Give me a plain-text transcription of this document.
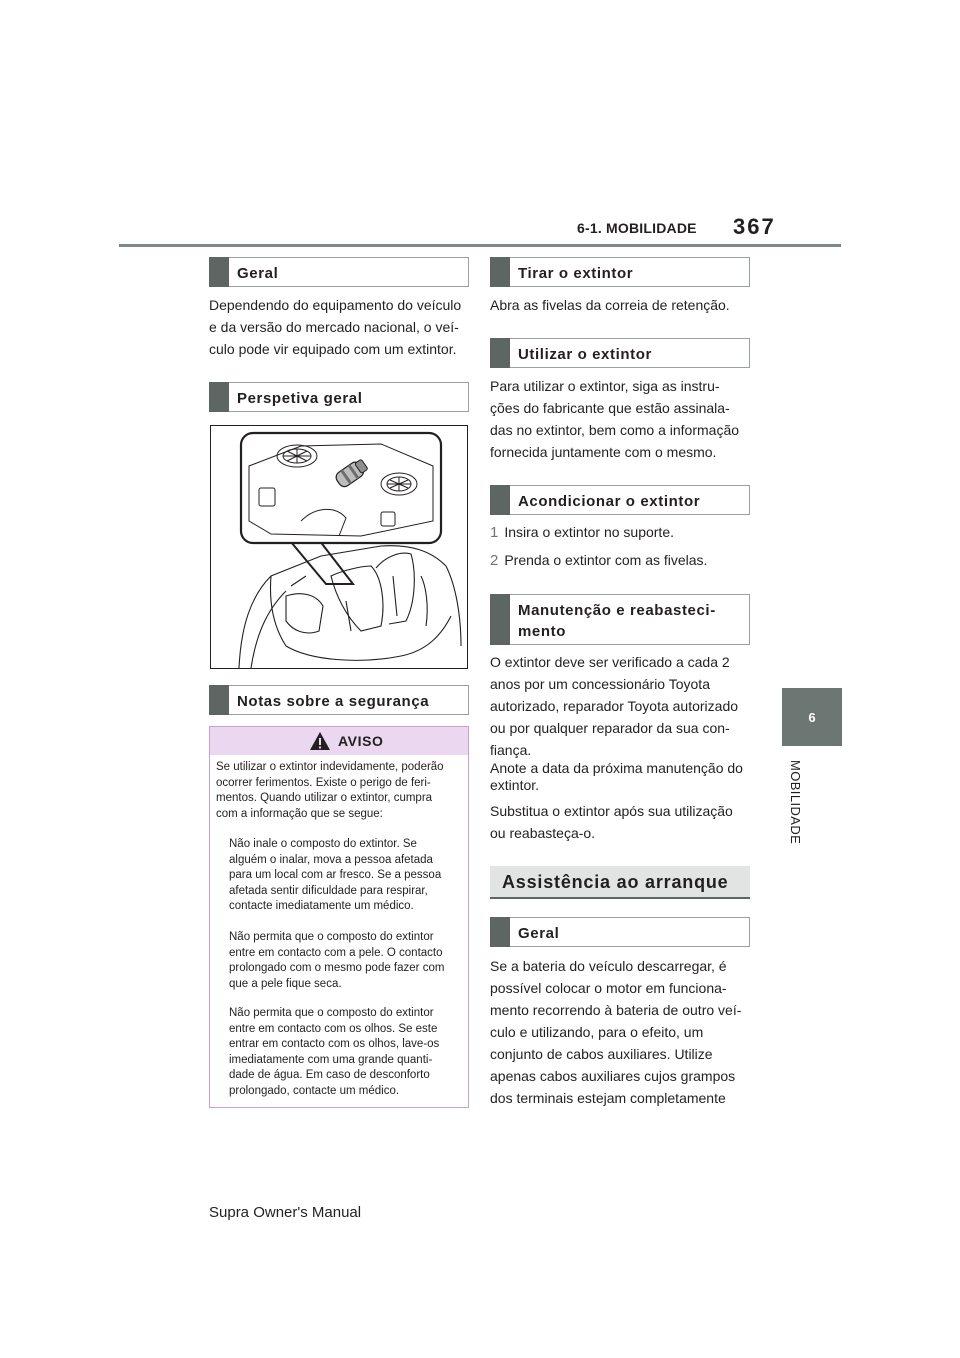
6-1. MOBILIDADE 367
6
MOBILIDADE
Geral

Dependendo do equipamento do veículo
e da versão do mercado nacional, o veí-
culo pode vir equipado com um extintor.

Perspetiva geral
Notas sobre a segurança
AVISO

Se utilizar o extintor indevidamente, poderão
ocorrer ferimentos. Existe o perigo de feri-
mentos. Quando utilizar o extintor, cumpra
com a informação que se segue:

Não inale o composto do extintor. Se
alguém o inalar, mova a pessoa afetada
para um local com ar fresco. Se a pessoa
afetada sentir dificuldade para respirar,
contacte imediatamente um médico.

Não permita que o composto do extintor
entre em contacto com a pele. O contacto
prolongado com o mesmo pode fazer com
que a pele fique seca.

Não permita que o composto do extintor
entre em contacto com os olhos. Se este
entrar em contacto com os olhos, lave-os
imediatamente com uma grande quanti-
dade de água. Em caso de desconforto
prolongado, contacte um médico.

Tirar o extintor

Abra as fivelas da correia de retenção.

Utilizar o extintor

Para utilizar o extintor, siga as instru-
ções do fabricante que estão assinala-
das no extintor, bem como a informação
fornecida juntamente com o mesmo.

Acondicionar o extintor
1 Insira o extintor no suporte.
2 Prenda o extintor com as fivelas.
Manutenção e reabasteci-
mento

O extintor deve ser verificado a cada 2
anos por um concessionário Toyota
autorizado, reparador Toyota autorizado
ou por qualquer reparador da sua con-
fiança.

Anote a data da próxima manutenção do
extintor.

Substitua o extintor após sua utilização
ou reabasteça-o.

Assistência ao arranque
Geral

Se a bateria do veículo descarregar, é
possível colocar o motor em funciona-
mento recorrendo à bateria de outro veí-
culo e utilizando, para o efeito, um
conjunto de cabos auxiliares. Utilize
apenas cabos auxiliares cujos grampos
dos terminais estejam completamente

Supra Owner's Manual
